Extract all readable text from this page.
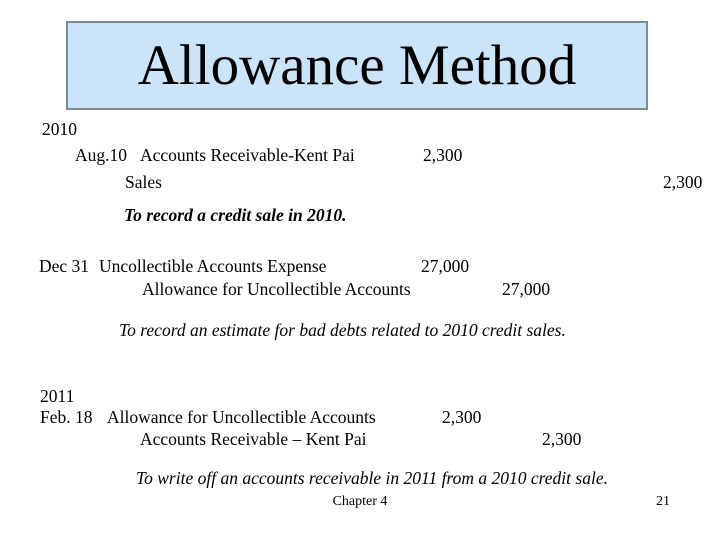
Allowance Method
2010
Aug.10 Accounts Receivable-Kent Pai	2,300
Sales	2,300
To record a credit sale in 2010.
Dec 31 Uncollectible Accounts Expense	27,000
Allowance for Uncollectible Accounts	27,000
To record an estimate for bad debts related to 2010 credit sales.
2011
Feb. 18 Allowance for Uncollectible Accounts	2,300
Accounts Receivable – Kent Pai	2,300
To write off an accounts receivable in 2011 from a 2010 credit sale.
Chapter 4	21
